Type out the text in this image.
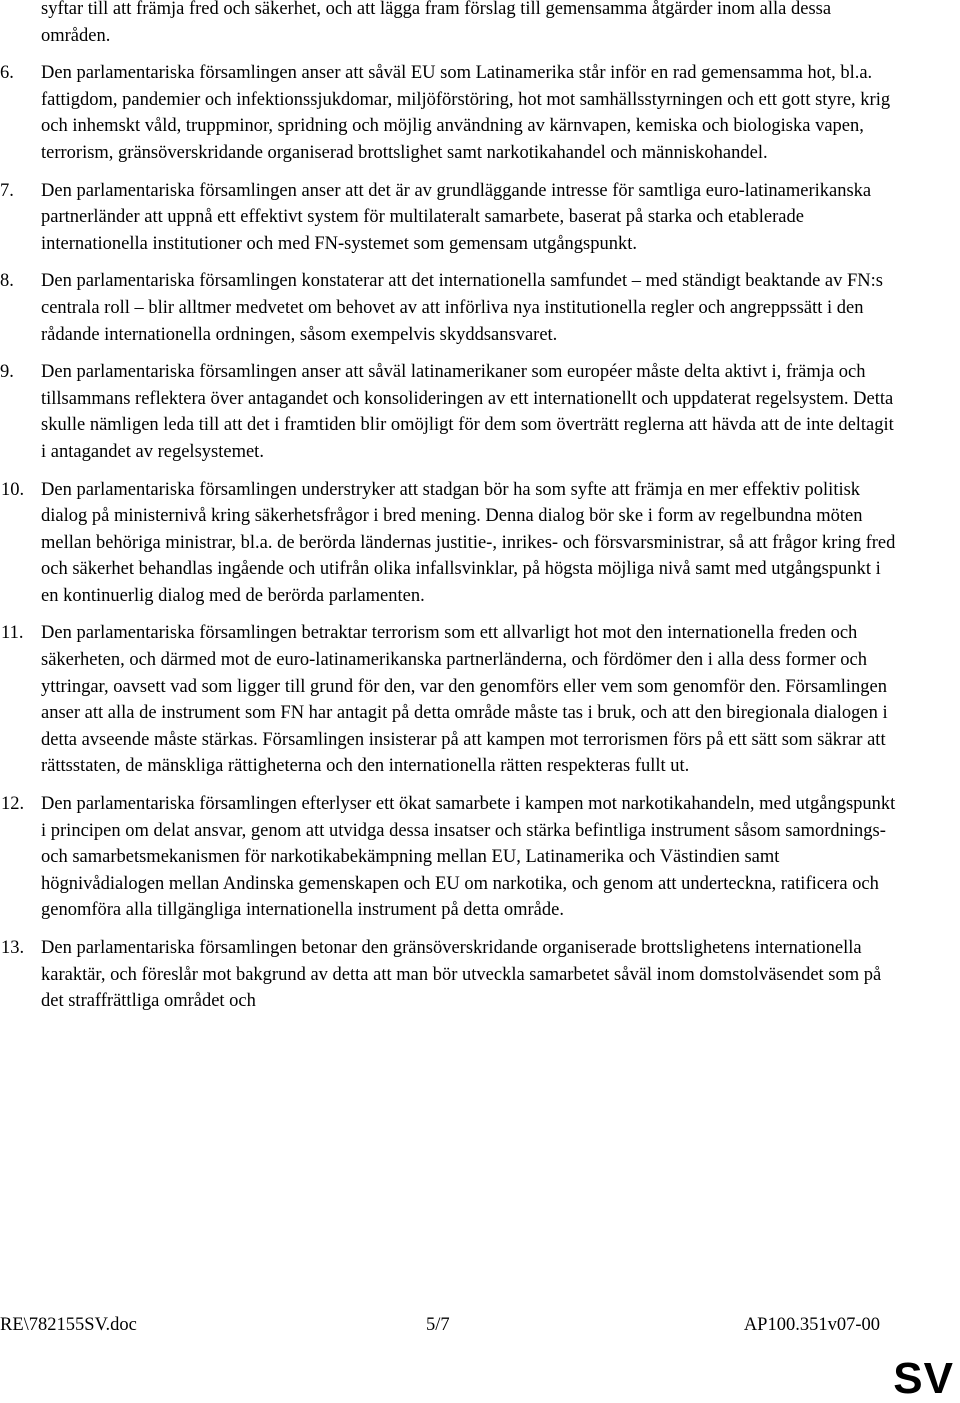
syftar till att främja fred och säkerhet, och att lägga fram förslag till gemensamma åtgärder inom alla dessa områden.

6. Den parlamentariska församlingen anser att såväl EU som Latinamerika står inför en rad gemensamma hot, bl.a. fattigdom, pandemier och infektionssjukdomar, miljöförstöring, hot mot samhällsstyrningen och ett gott styre, krig och inhemskt våld, truppminor, spridning och möjlig användning av kärnvapen, kemiska och biologiska vapen, terrorism, gränsöverskridande organiserad brottslighet samt narkotikahandel och människohandel.

7. Den parlamentariska församlingen anser att det är av grundläggande intresse för samtliga euro-latinamerikanska partnerländer att uppnå ett effektivt system för multilateralt samarbete, baserat på starka och etablerade internationella institutioner och med FN-systemet som gemensam utgångspunkt.

8. Den parlamentariska församlingen konstaterar att det internationella samfundet – med ständigt beaktande av FN:s centrala roll – blir alltmer medvetet om behovet av att införliva nya institutionella regler och angreppssätt i den rådande internationella ordningen, såsom exempelvis skyddsansvaret.

9. Den parlamentariska församlingen anser att såväl latinamerikaner som européer måste delta aktivt i, främja och tillsammans reflektera över antagandet och konsolideringen av ett internationellt och uppdaterat regelsystem. Detta skulle nämligen leda till att det i framtiden blir omöjligt för dem som överträtt reglerna att hävda att de inte deltagit i antagandet av regelsystemet.

10. Den parlamentariska församlingen understryker att stadgan bör ha som syfte att främja en mer effektiv politisk dialog på ministernivå kring säkerhetsfrågor i bred mening. Denna dialog bör ske i form av regelbundna möten mellan behöriga ministrar, bl.a. de berörda ländernas justitie-, inrikes- och försvarsministrar, så att frågor kring fred och säkerhet behandlas ingående och utifrån olika infallsvinklar, på högsta möjliga nivå samt med utgångspunkt i en kontinuerlig dialog med de berörda parlamenten.

11. Den parlamentariska församlingen betraktar terrorism som ett allvarligt hot mot den internationella freden och säkerheten, och därmed mot de euro-latinamerikanska partnerländerna, och fördömer den i alla dess former och yttringar, oavsett vad som ligger till grund för den, var den genomförs eller vem som genomför den. Församlingen anser att alla de instrument som FN har antagit på detta område måste tas i bruk, och att den biregionala dialogen i detta avseende måste stärkas. Församlingen insisterar på att kampen mot terrorismen förs på ett sätt som säkrar att rättsstaten, de mänskliga rättigheterna och den internationella rätten respekteras fullt ut.

12. Den parlamentariska församlingen efterlyser ett ökat samarbete i kampen mot narkotikahandeln, med utgångspunkt i principen om delat ansvar, genom att utvidga dessa insatser och stärka befintliga instrument såsom samordnings- och samarbetsmekanismen för narkotikabekämpning mellan EU, Latinamerika och Västindien samt högnivådialogen mellan Andinska gemenskapen och EU om narkotika, och genom att underteckna, ratificera och genomföra alla tillgängliga internationella instrument på detta område.

13. Den parlamentariska församlingen betonar den gränsöverskridande organiserade brottslighetens internationella karaktär, och föreslår mot bakgrund av detta att man bör utveckla samarbetet såväl inom domstolväsendet som på det straffrättliga området och

RE\782155SV.doc	5/7	AP100.351v07-00
SV
